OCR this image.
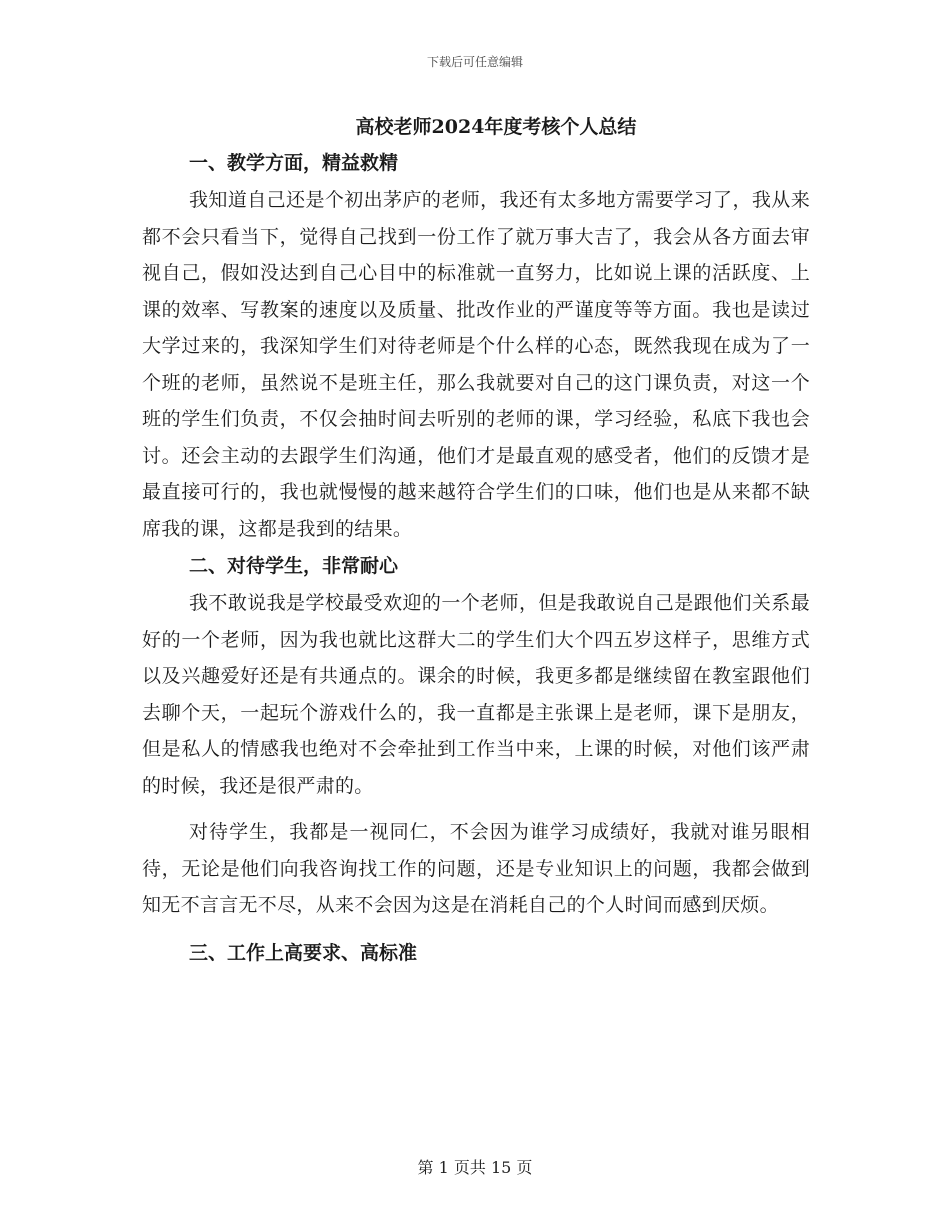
下载后可任意编辑
高校老师2024年度考核个人总结
一、教学方面，精益救精

我知道自己还是个初出茅庐的老师，我还有太多地方需要学习了，我从来都不会只看当下，觉得自己找到一份工作了就万事大吉了，我会从各方面去审视自己，假如没达到自己心目中的标准就一直努力，比如说上课的活跃度、上课的效率、写教案的速度以及质量、批改作业的严谨度等等方面。我也是读过大学过来的，我深知学生们对待老师是个什么样的心态，既然我现在成为了一个班的老师，虽然说不是班主任，那么我就要对自己的这门课负责，对这一个班的学生们负责，不仅会抽时间去听别的老师的课，学习经验，私底下我也会讨。还会主动的去跟学生们沟通，他们才是最直观的感受者，他们的反馈才是最直接可行的，我也就慢慢的越来越符合学生们的口味，他们也是从来都不缺席我的课，这都是我到的结果。

二、对待学生，非常耐心

我不敢说我是学校最受欢迎的一个老师，但是我敢说自己是跟他们关系最好的一个老师，因为我也就比这群大二的学生们大个四五岁这样子，思维方式以及兴趣爱好还是有共通点的。课余的时候，我更多都是继续留在教室跟他们去聊个天，一起玩个游戏什么的，我一直都是主张课上是老师，课下是朋友，但是私人的情感我也绝对不会牵扯到工作当中来，上课的时候，对他们该严肃的时候，我还是很严肃的。

对待学生，我都是一视同仁，不会因为谁学习成绩好，我就对谁另眼相待，无论是他们向我咨询找工作的问题，还是专业知识上的问题，我都会做到知无不言言无不尽，从来不会因为这是在消耗自己的个人时间而感到厌烦。

三、工作上高要求、高标准
第 1 页共 15 页
